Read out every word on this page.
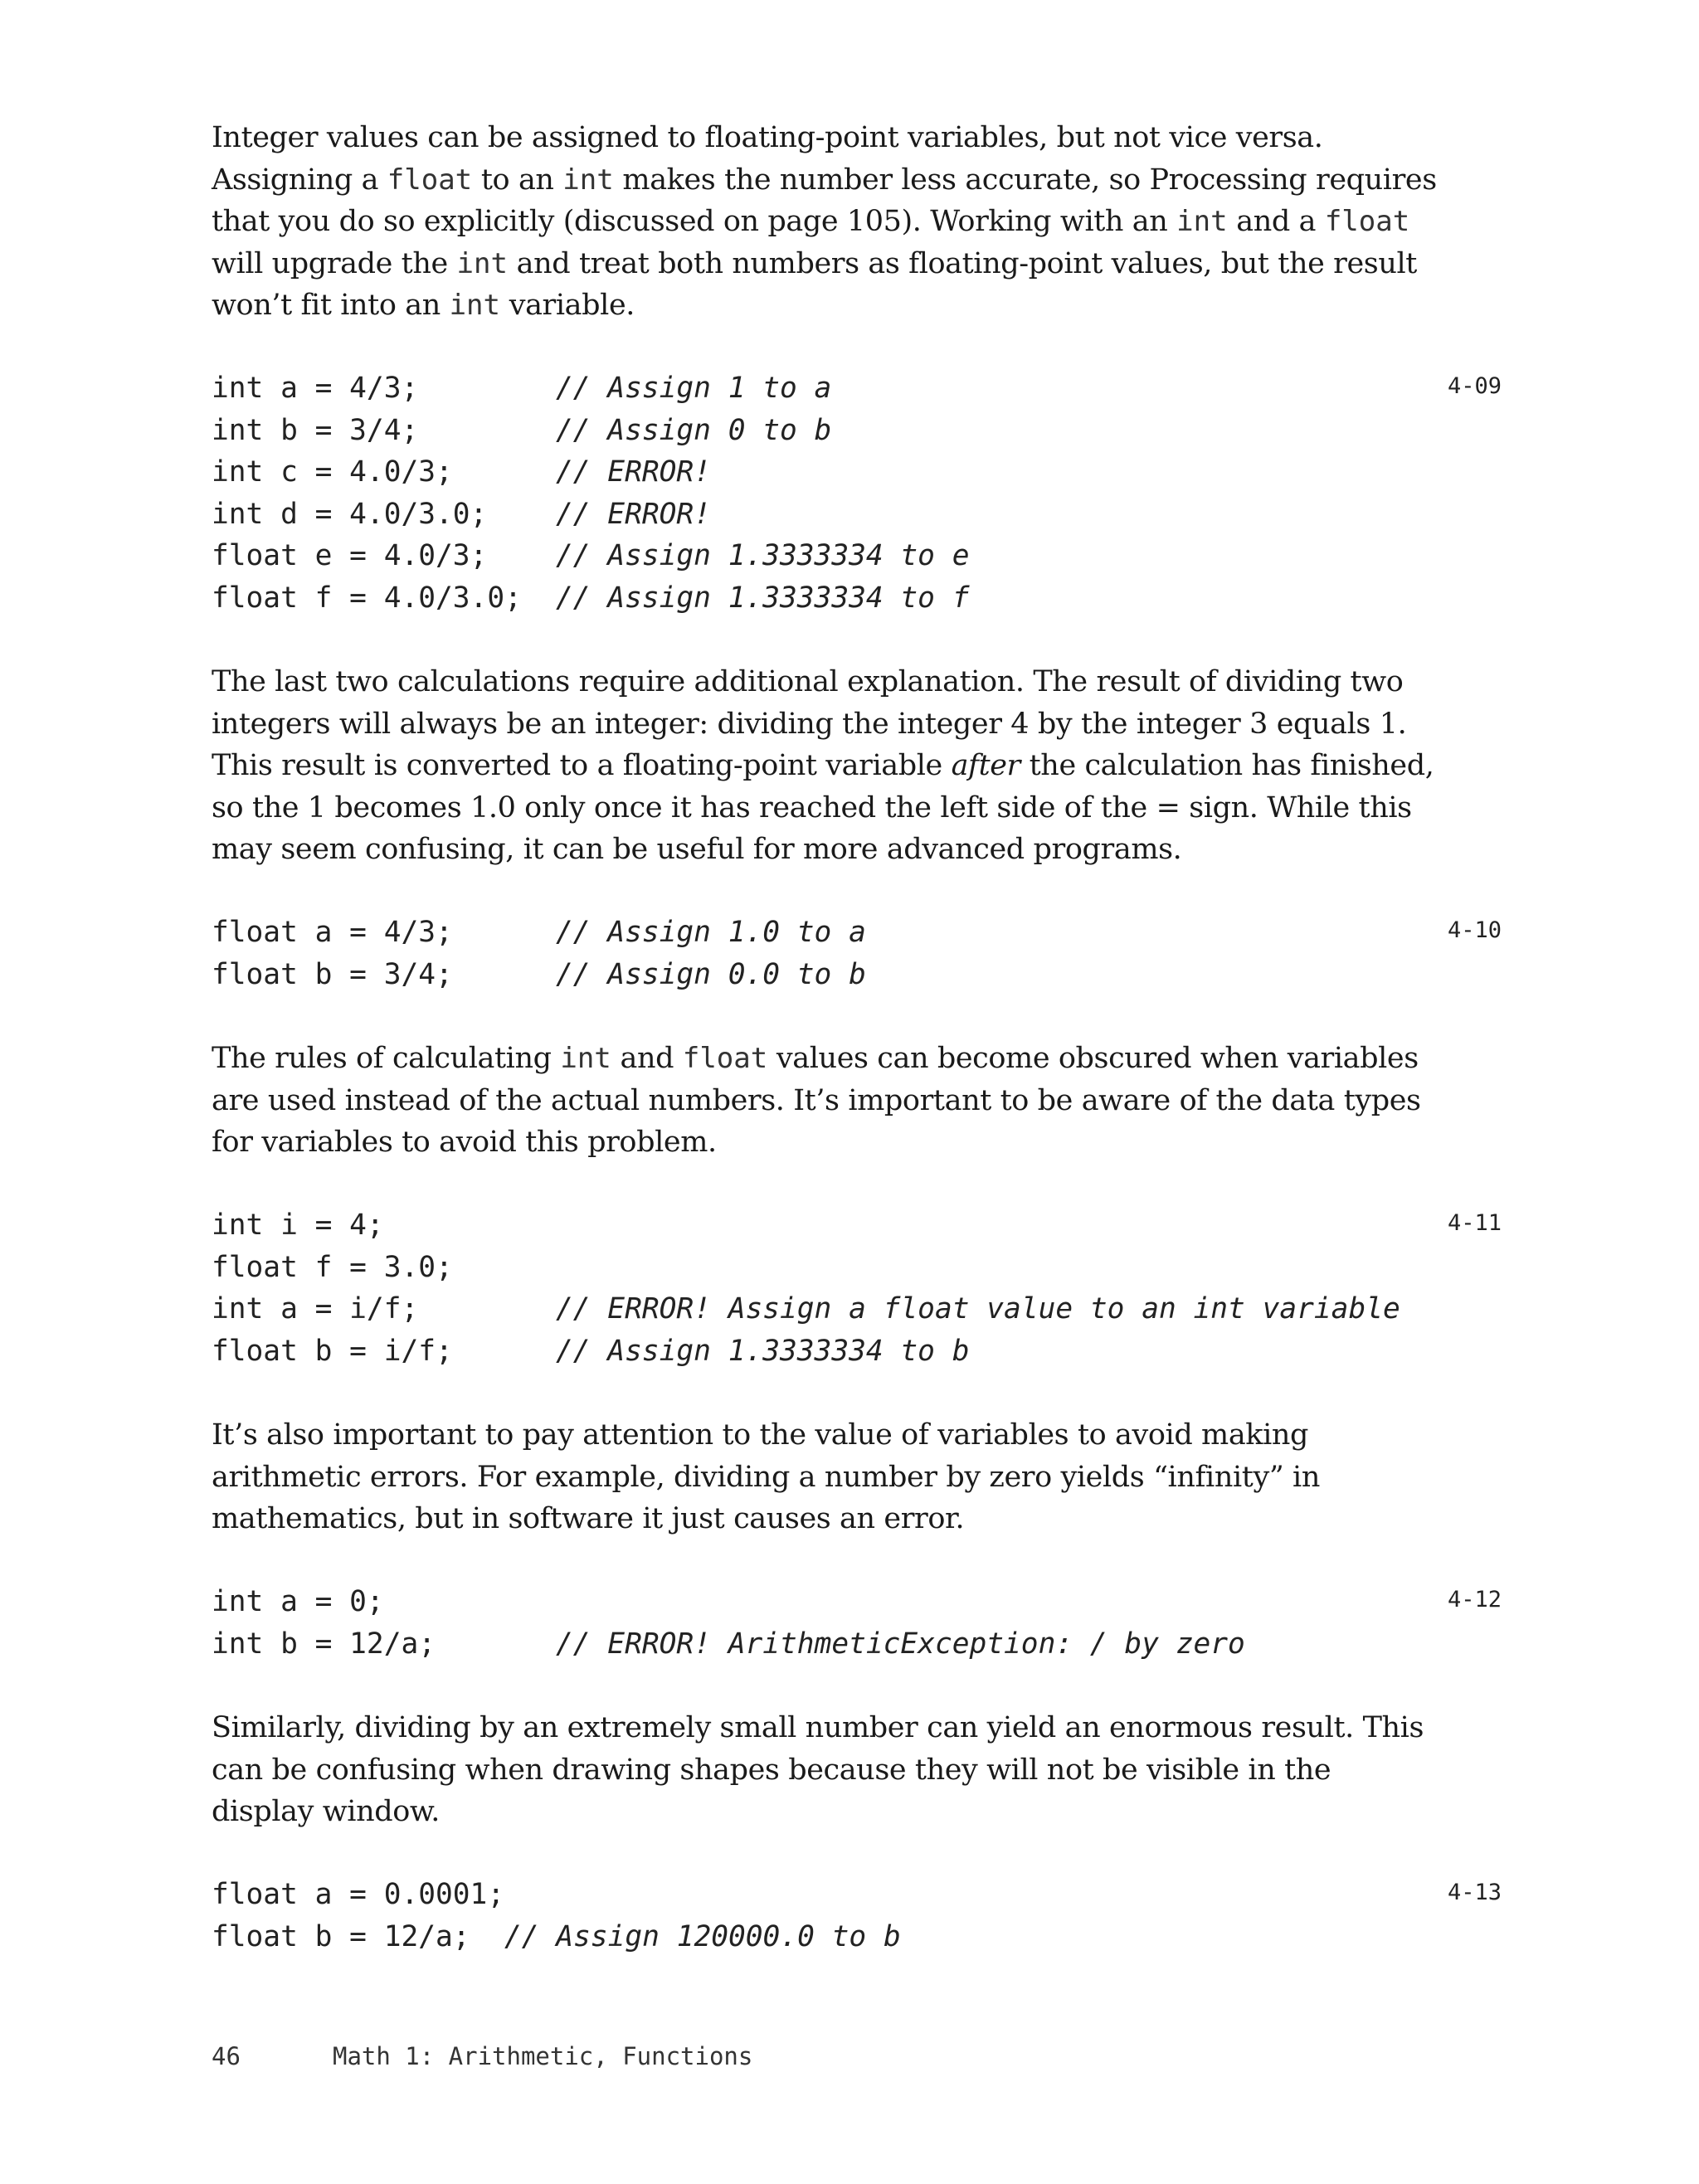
Integer values can be assigned to floating-point variables, but not vice versa. Assigning a float to an int makes the number less accurate, so Processing requires that you do so explicitly (discussed on page 105). Working with an int and a float will upgrade the int and treat both numbers as floating-point values, but the result won’t fit into an int variable.

int a = 4/3;	// Assign 1 to a
int b = 3/4;	// Assign 0 to b
int c = 4.0/3;	// ERROR!
int d = 4.0/3.0; // ERROR!
float e = 4.0/3; // Assign 1.3333334 to e
float f = 4.0/3.0; // Assign 1.3333334 to f
4-09

The last two calculations require additional explanation. The result of dividing two integers will always be an integer: dividing the integer 4 by the integer 3 equals 1. This result is converted to a floating-point variable after the calculation has finished, so the 1 becomes 1.0 only once it has reached the left side of the = sign. While this may seem confusing, it can be useful for more advanced programs.

float a = 4/3;	// Assign 1.0 to a
float b = 3/4;	// Assign 0.0 to b
4-10

The rules of calculating int and float values can become obscured when variables are used instead of the actual numbers. It’s important to be aware of the data types for variables to avoid this problem.

int i = 4;
float f = 3.0;
int a = i/f;	// ERROR! Assign a float value to an int variable
float b = i/f;	// Assign 1.3333334 to b
4-11

It’s also important to pay attention to the value of variables to avoid making arithmetic errors. For example, dividing a number by zero yields “infinity” in mathematics, but in software it just causes an error.

int a = 0;
int b = 12/a;	// ERROR! ArithmeticException: / by zero
4-12

Similarly, dividing by an extremely small number can yield an enormous result. This can be confusing when drawing shapes because they will not be visible in the display window.

float a = 0.0001;
float b = 12/a; // Assign 120000.0 to b
4-13
46	Math 1: Arithmetic, Functions
